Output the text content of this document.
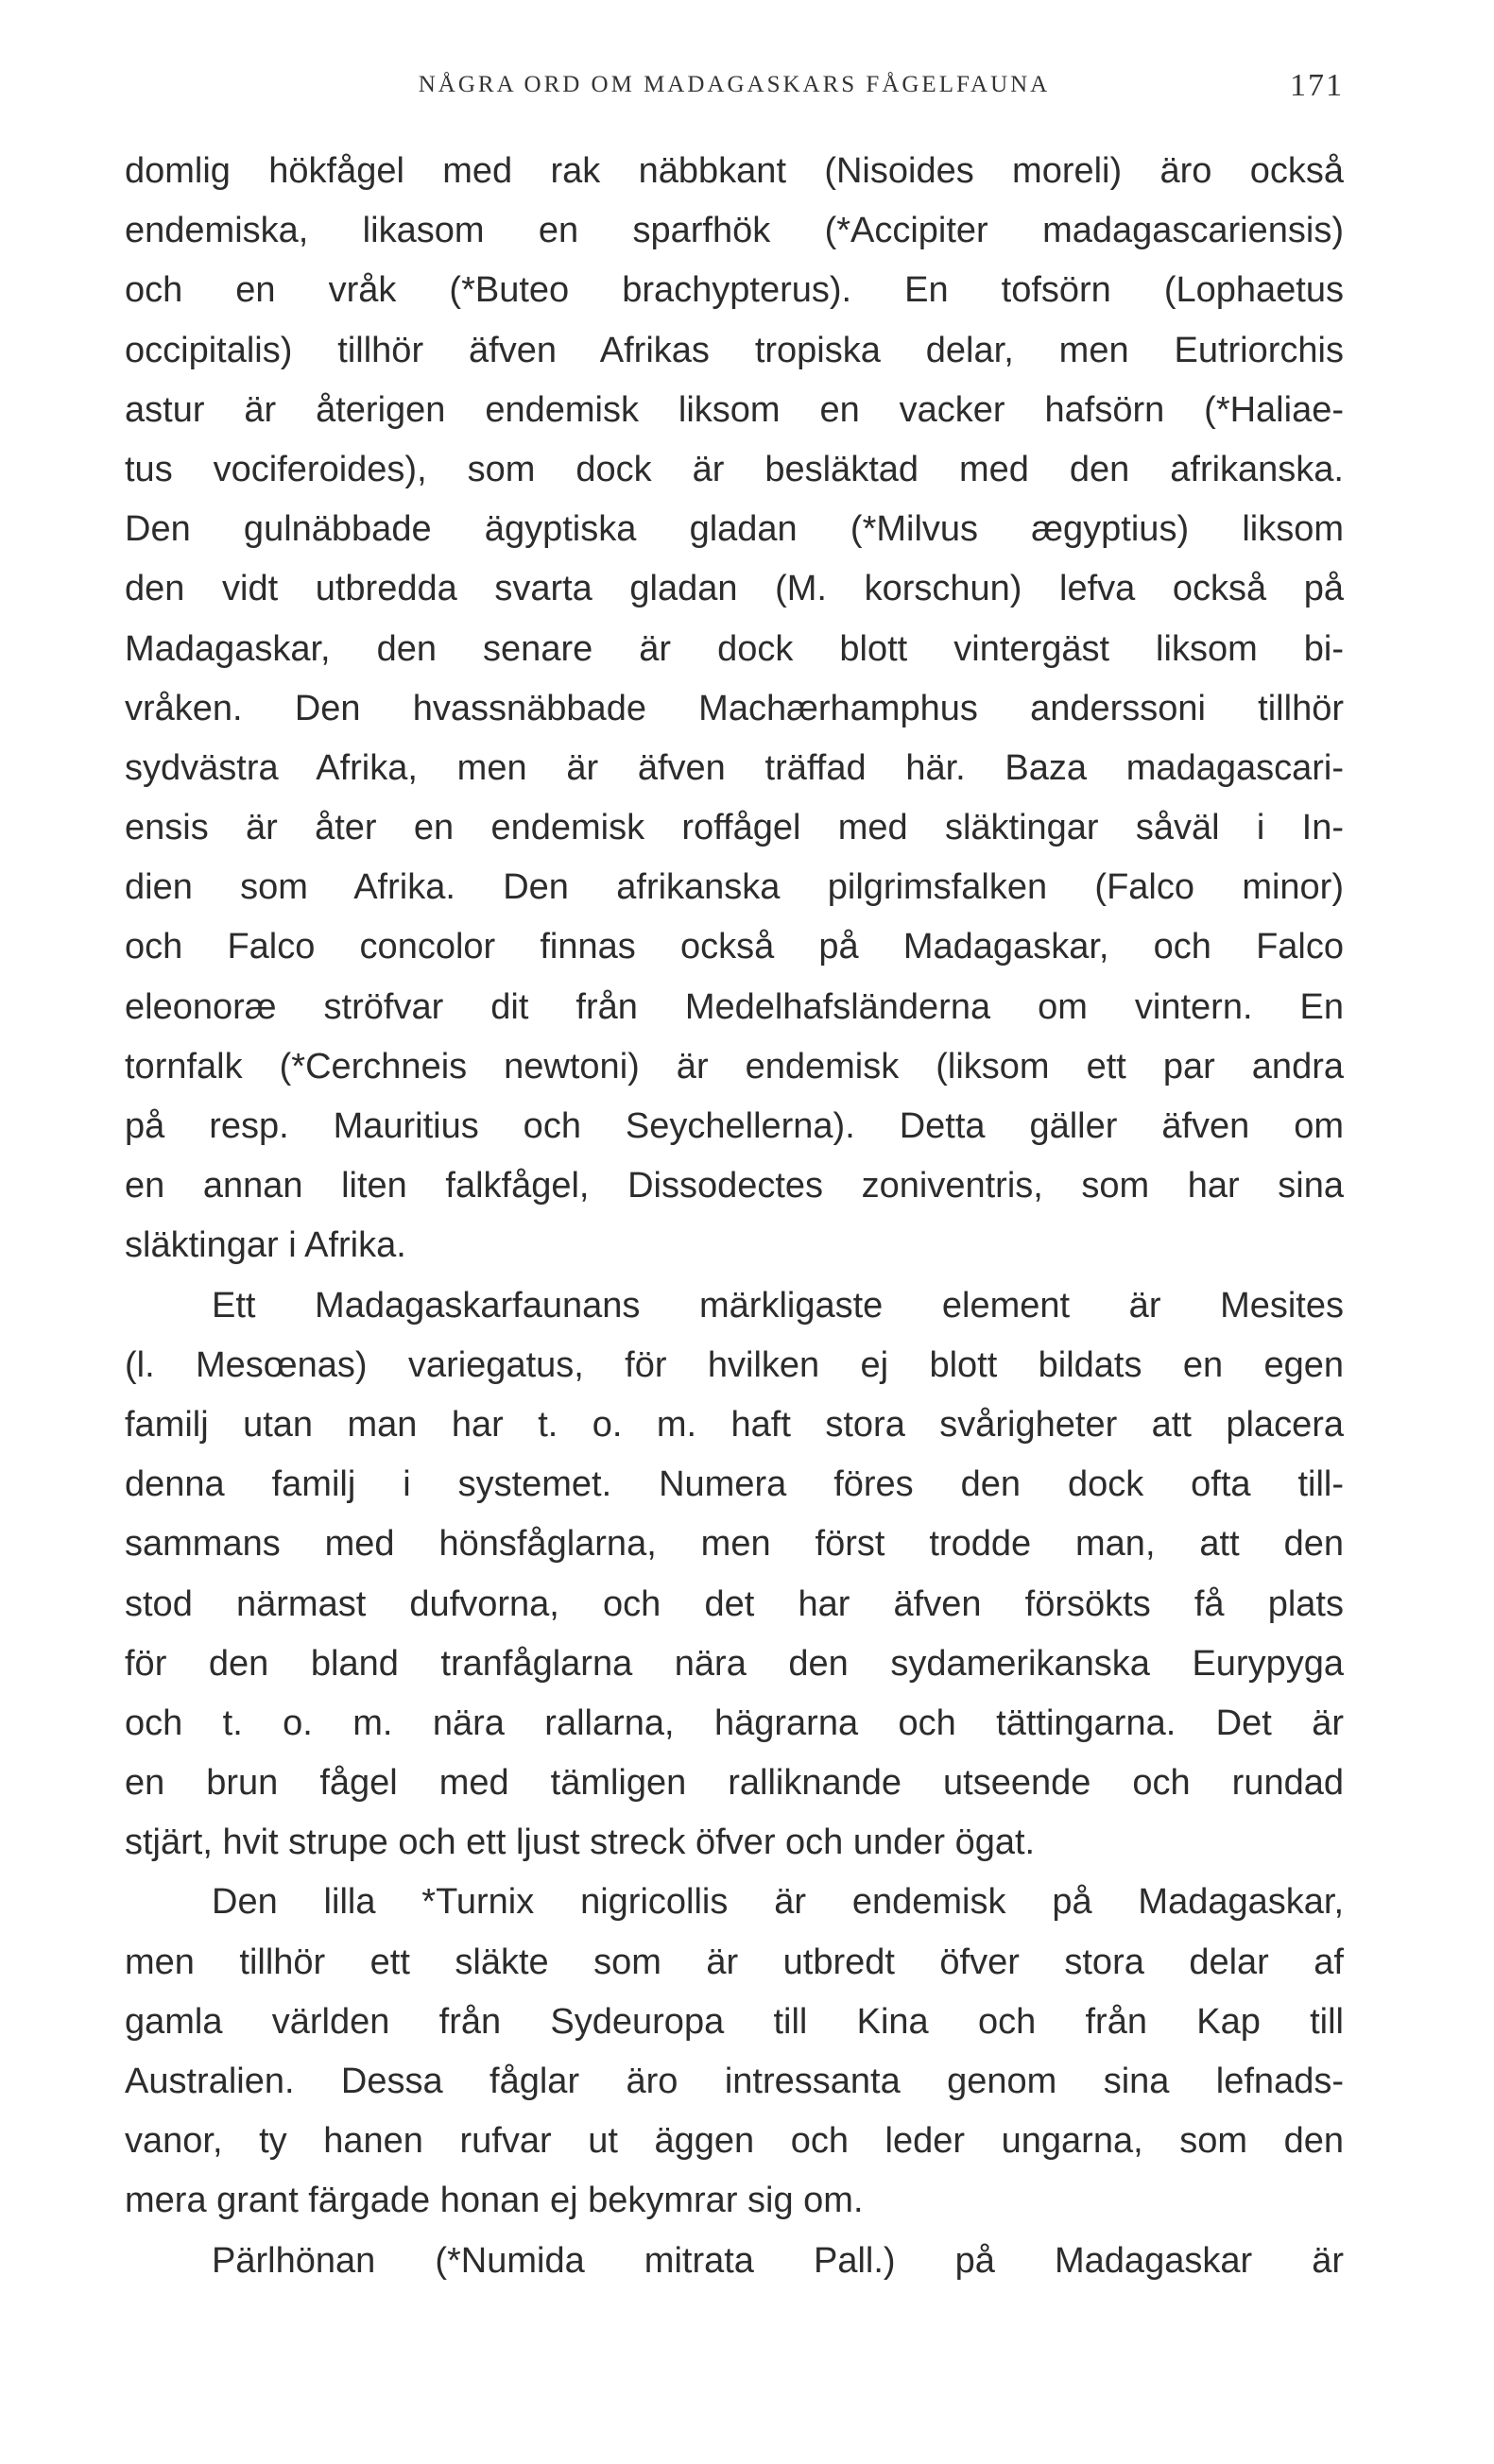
NÅGRA ORD OM MADAGASKARS FÅGELFAUNA	171
domlig hökfågel med rak näbbkant (Nisoides moreli) äro också
endemiska, likasom en sparfhök (*Accipiter madagascariensis)
och en vråk (*Buteo brachypterus). En tofsörn (Lophaetus
occipitalis) tillhör äfven Afrikas tropiska delar, men Eutriorchis
astur är återigen endemisk liksom en vacker hafsörn (*Haliae-
tus vociferoides), som dock är besläktad med den afrikanska.
Den gulnäbbade ägyptiska gladan (*Milvus ægyptius) liksom
den vidt utbredda svarta gladan (M. korschun) lefva också på
Madagaskar, den senare är dock blott vintergäst liksom bi-
vråken. Den hvassnäbbade Machærhamphus anderssoni tillhör
sydvästra Afrika, men är äfven träffad här. Baza madagascari-
ensis är åter en endemisk roffågel med släktingar såväl i In-
dien som Afrika. Den afrikanska pilgrimsfalken (Falco minor)
och Falco concolor finnas också på Madagaskar, och Falco
eleonoræ ströfvar dit från Medelhafsländerna om vintern. En
tornfalk (*Cerchneis newtoni) är endemisk (liksom ett par andra
på resp. Mauritius och Seychellerna). Detta gäller äfven om
en annan liten falkfågel, Dissodectes zoniventris, som har sina
släktingar i Afrika.
Ett Madagaskarfaunans märkligaste element är Mesites
(l. Mesœnas) variegatus, för hvilken ej blott bildats en egen
familj utan man har t. o. m. haft stora svårigheter att placera
denna familj i systemet. Numera föres den dock ofta till-
sammans med hönsfåglarna, men först trodde man, att den
stod närmast dufvorna, och det har äfven försökts få plats
för den bland tranfåglarna nära den sydamerikanska Eurypyga
och t. o. m. nära rallarna, hägrarna och tättingarna. Det är
en brun fågel med tämligen ralliknande utseende och rundad
stjärt, hvit strupe och ett ljust streck öfver och under ögat.
Den lilla *Turnix nigricollis är endemisk på Madagaskar,
men tillhör ett släkte som är utbredt öfver stora delar af
gamla världen från Sydeuropa till Kina och från Kap till
Australien. Dessa fåglar äro intressanta genom sina lefnads-
vanor, ty hanen rufvar ut äggen och leder ungarna, som den
mera grant färgade honan ej bekymrar sig om.
Pärlhönan (*Numida mitrata Pall.) på Madagaskar är
